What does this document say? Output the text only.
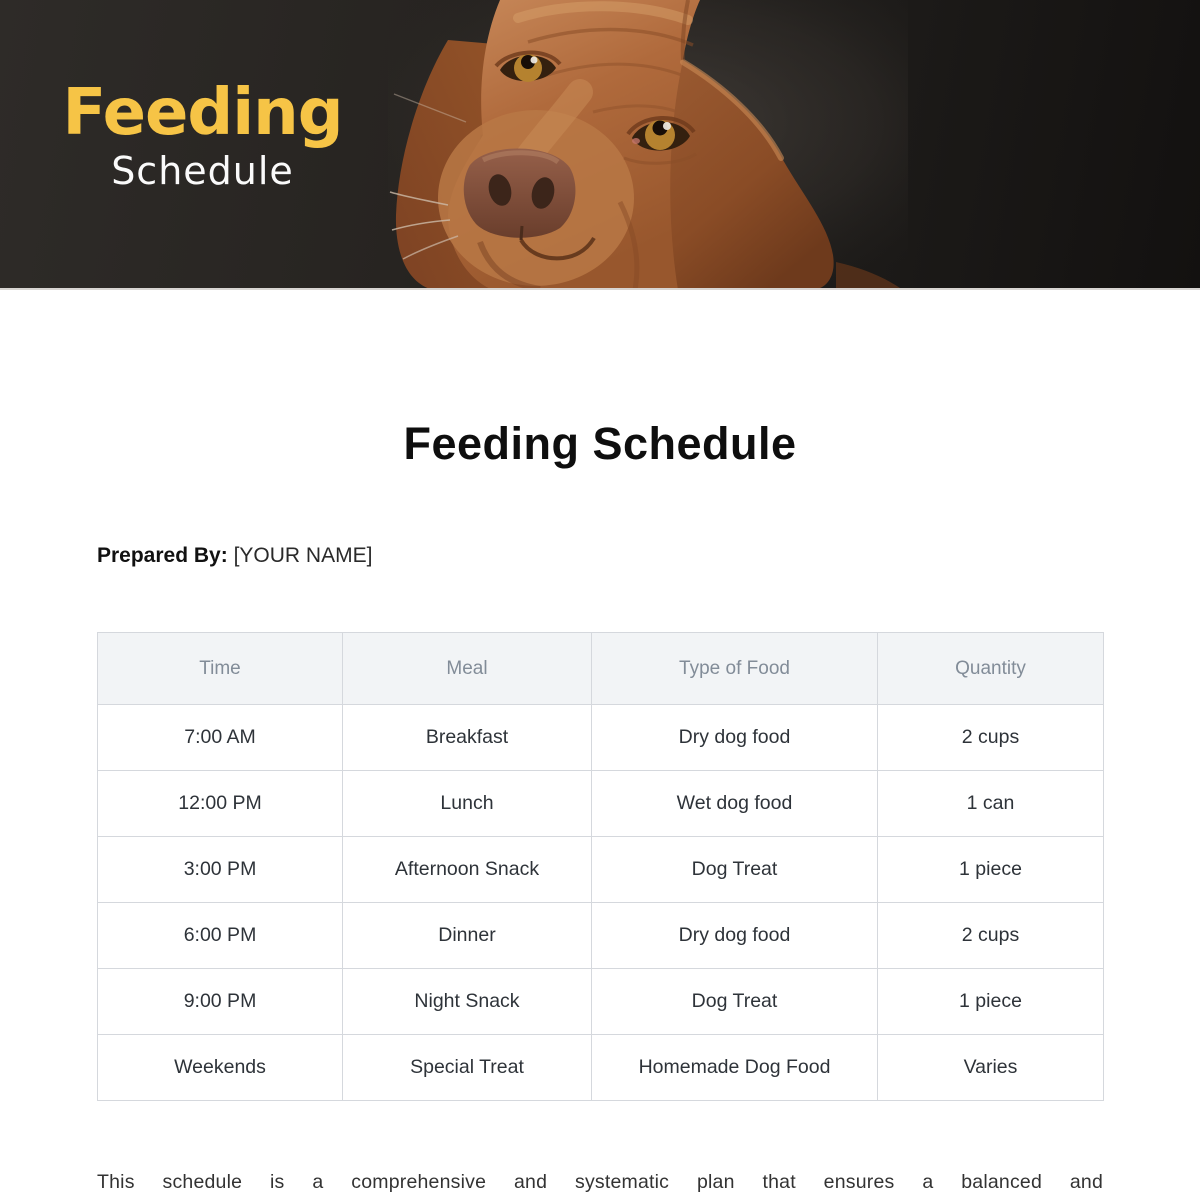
Feeding
Schedule
Feeding Schedule
Prepared By: [YOUR NAME]
Time	Meal	Type of Food	Quantity
7:00 AM	Breakfast	Dry dog food	2 cups
12:00 PM	Lunch	Wet dog food	1 can
3:00 PM	Afternoon Snack	Dog Treat	1 piece
6:00 PM	Dinner	Dry dog food	2 cups
9:00 PM	Night Snack	Dog Treat	1 piece
Weekends	Special Treat	Homemade Dog Food	Varies

This schedule is a comprehensive and systematic plan that ensures a balanced and
